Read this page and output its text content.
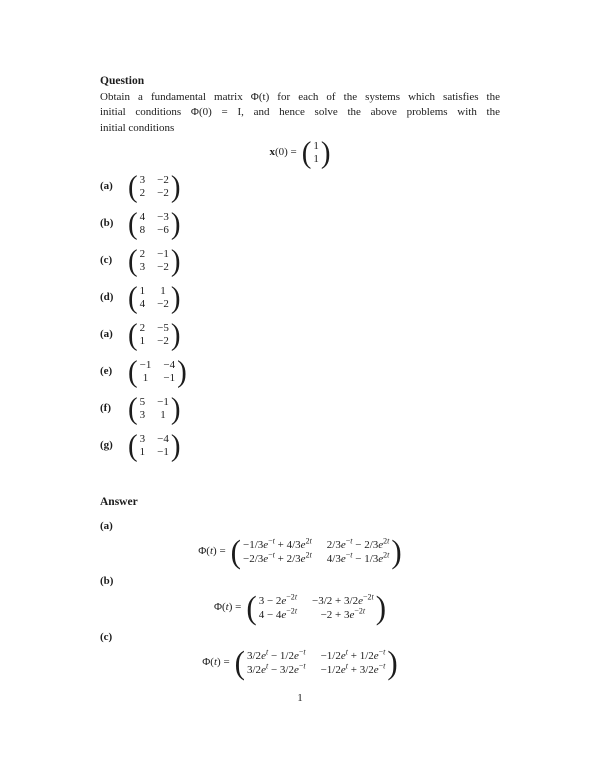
Question

Obtain a fundamental matrix Φ(t) for each of the systems which satisfies the
initial conditions Φ(0) = I, and hence solve the above problems with the
initial conditions

x(0) = ( 1
1 )
(a) ( 3 −2
2 −2 )
(b) ( 4 −3
8 −6 )
(c) ( 2 −1
3 −2 )
(d) ( 1 1
4 −2 )
(a) ( 2 −5
1 −2 )
(e) ( −1 −4
1 −1 )
(f) ( 5 −1
3 1 )
(g) ( 3 −4
1 −1 )
Answer
(a)
Φ(t) = ( $-1/3e^{-t} + 4/3e^{2t}$ $2/3e^{-t} - 2/3e^{2t}$
$-2/3e^{-t} + 2/3e^{2t}$ $4/3e^{-t} - 1/3e^{2t}$ )
(b)
Φ(t) = ( $3 - 2e^{-2t} -3/2 + 3/2e^{-2t}$
$4 - 4e^{-2t} -2 + 3e^{-2t}$ )
(c)
Φ(t) = ( $3/2e^t - 1/2e^{-t} -1/2e^t + 1/2e^{-t}$
$3/2e^t - 3/2e^{-t} -1/2e^t + 3/2e^{-t}$ )
1
